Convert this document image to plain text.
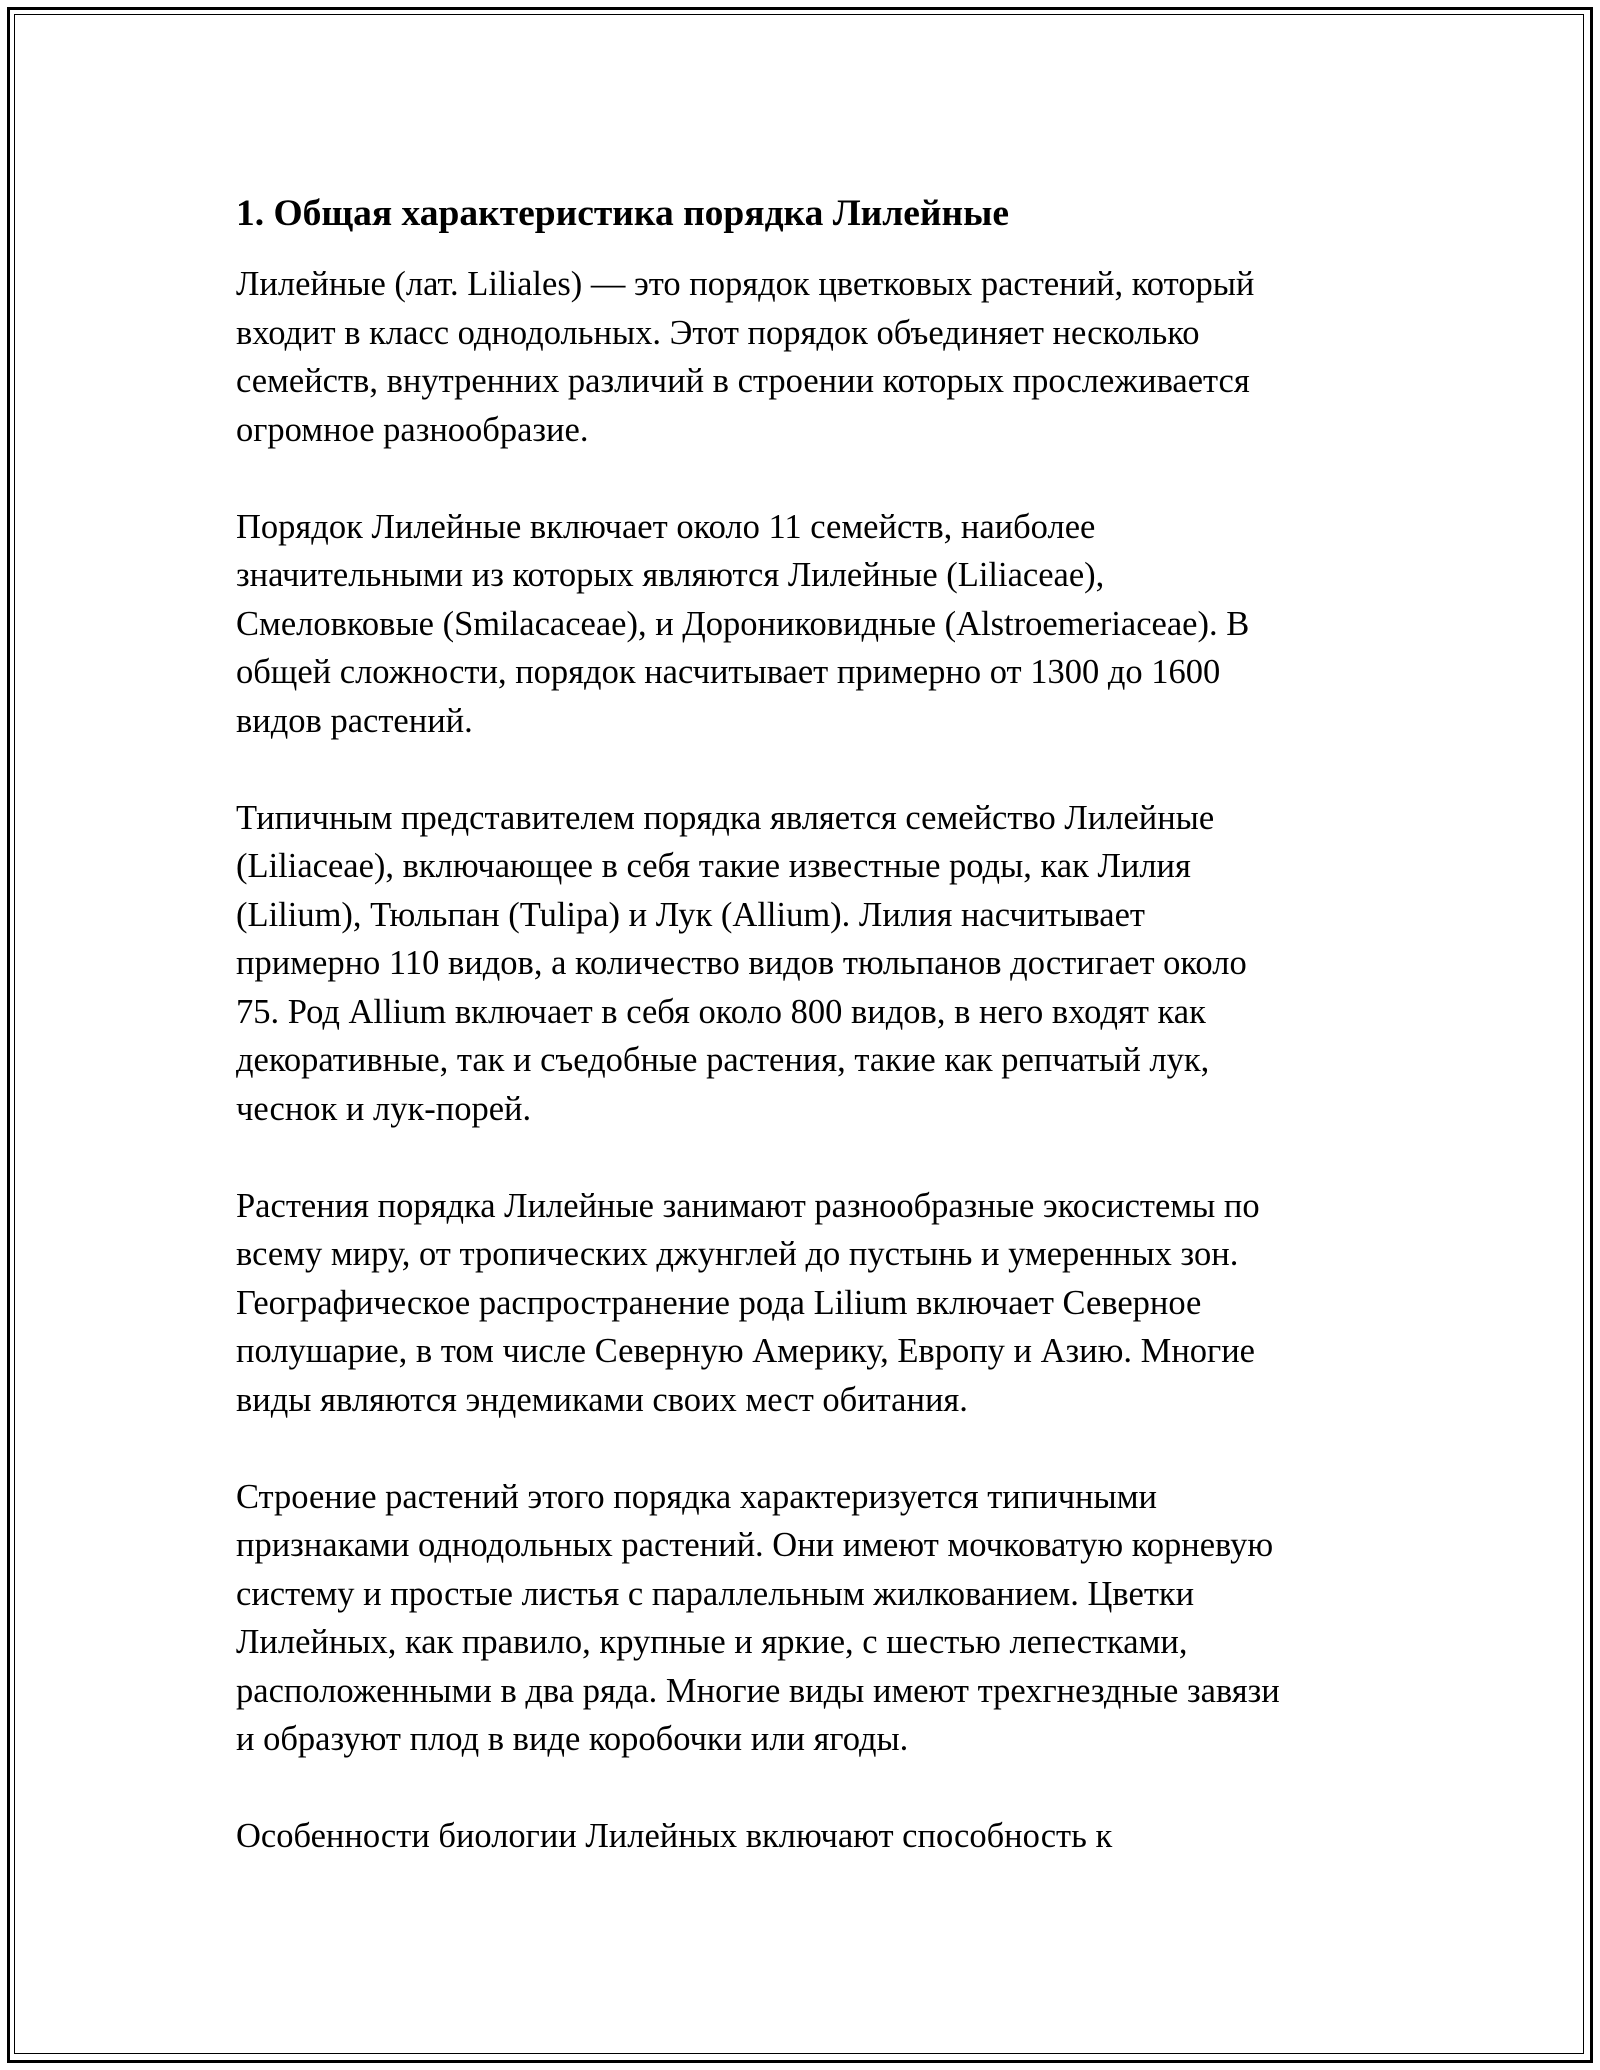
1. Общая характеристика порядка Лилейные
Лилейные (лат. Liliales) — это порядок цветковых растений, который
входит в класс однодольных. Этот порядок объединяет несколько
семейств, внутренних различий в строении которых прослеживается
огромное разнообразие.
Порядок Лилейные включает около 11 семейств, наиболее
значительными из которых являются Лилейные (Liliaceae),
Смеловковые (Smilacaceae), и Дорониковидные (Alstroemeriaceae). В
общей сложности, порядок насчитывает примерно от 1300 до 1600
видов растений.
Типичным представителем порядка является семейство Лилейные
(Liliaceae), включающее в себя такие известные роды, как Лилия
(Lilium), Тюльпан (Tulipa) и Лук (Allium). Лилия насчитывает
примерно 110 видов, а количество видов тюльпанов достигает около
75. Род Allium включает в себя около 800 видов, в него входят как
декоративные, так и съедобные растения, такие как репчатый лук,
чеснок и лук-порей.
Растения порядка Лилейные занимают разнообразные экосистемы по
всему миру, от тропических джунглей до пустынь и умеренных зон.
Географическое распространение рода Lilium включает Северное
полушарие, в том числе Северную Америку, Европу и Азию. Многие
виды являются эндемиками своих мест обитания.
Строение растений этого порядка характеризуется типичными
признаками однодольных растений. Они имеют мочковатую корневую
систему и простые листья с параллельным жилкованием. Цветки
Лилейных, как правило, крупные и яркие, с шестью лепестками,
расположенными в два ряда. Многие виды имеют трехгнездные завязи
и образуют плод в виде коробочки или ягоды.
Особенности биологии Лилейных включают способность к
